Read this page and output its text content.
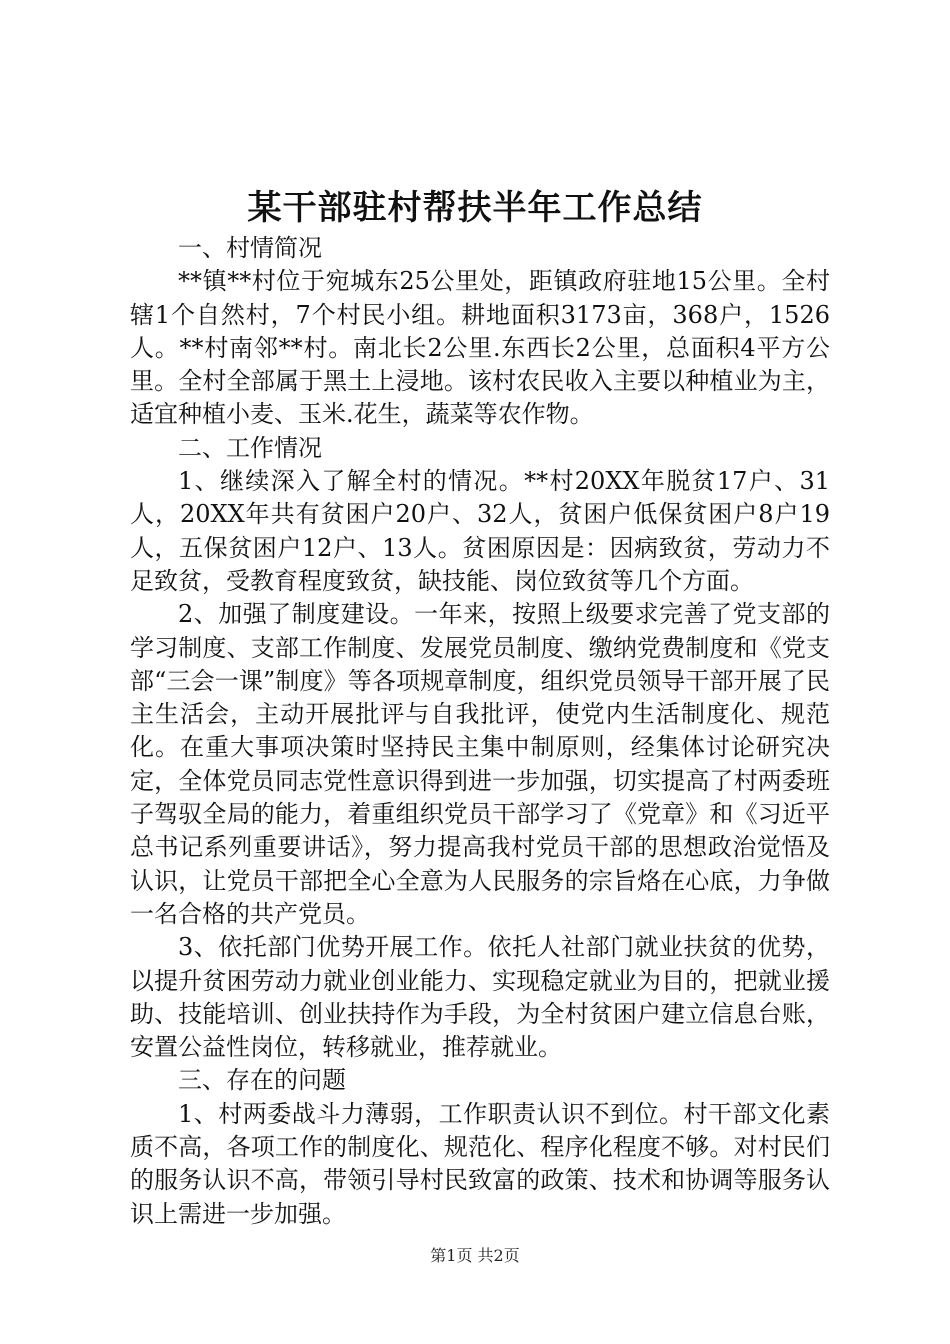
某干部驻村帮扶半年工作总结

一、村情简况

**镇**村位于宛城东25公里处，距镇政府驻地15公里。全村辖1个自然村，7个村民小组。耕地面积3173亩，368户，1526人。**村南邻**村。南北长2公里.东西长2公里，总面积4平方公里。全村全部属于黑土上浸地。该村农民收入主要以种植业为主，适宜种植小麦、玉米.花生，蔬菜等农作物。

二、工作情况

1、继续深入了解全村的情况。**村20XX年脱贫17户、31人，20XX年共有贫困户20户、32人，贫困户低保贫困户8户19人，五保贫困户12户、13人。贫困原因是：因病致贫，劳动力不足致贫，受教育程度致贫，缺技能、岗位致贫等几个方面。

2、加强了制度建设。一年来，按照上级要求完善了党支部的学习制度、支部工作制度、发展党员制度、缴纳党费制度和《党支部“三会一课”制度》等各项规章制度，组织党员领导干部开展了民主生活会，主动开展批评与自我批评，使党内生活制度化、规范化。在重大事项决策时坚持民主集中制原则，经集体讨论研究决定，全体党员同志党性意识得到进一步加强，切实提高了村两委班子驾驭全局的能力，着重组织党员干部学习了《党章》和《习近平总书记系列重要讲话》，努力提高我村党员干部的思想政治觉悟及认识，让党员干部把全心全意为人民服务的宗旨烙在心底，力争做一名合格的共产党员。

3、依托部门优势开展工作。依托人社部门就业扶贫的优势，以提升贫困劳动力就业创业能力、实现稳定就业为目的，把就业援助、技能培训、创业扶持作为手段，为全村贫困户建立信息台账，安置公益性岗位，转移就业，推荐就业。

三、存在的问题

1、村两委战斗力薄弱，工作职责认识不到位。村干部文化素质不高，各项工作的制度化、规范化、程序化程度不够。对村民们的服务认识不高，带领引导村民致富的政策、技术和协调等服务认识上需进一步加强。

第1页 共2页
